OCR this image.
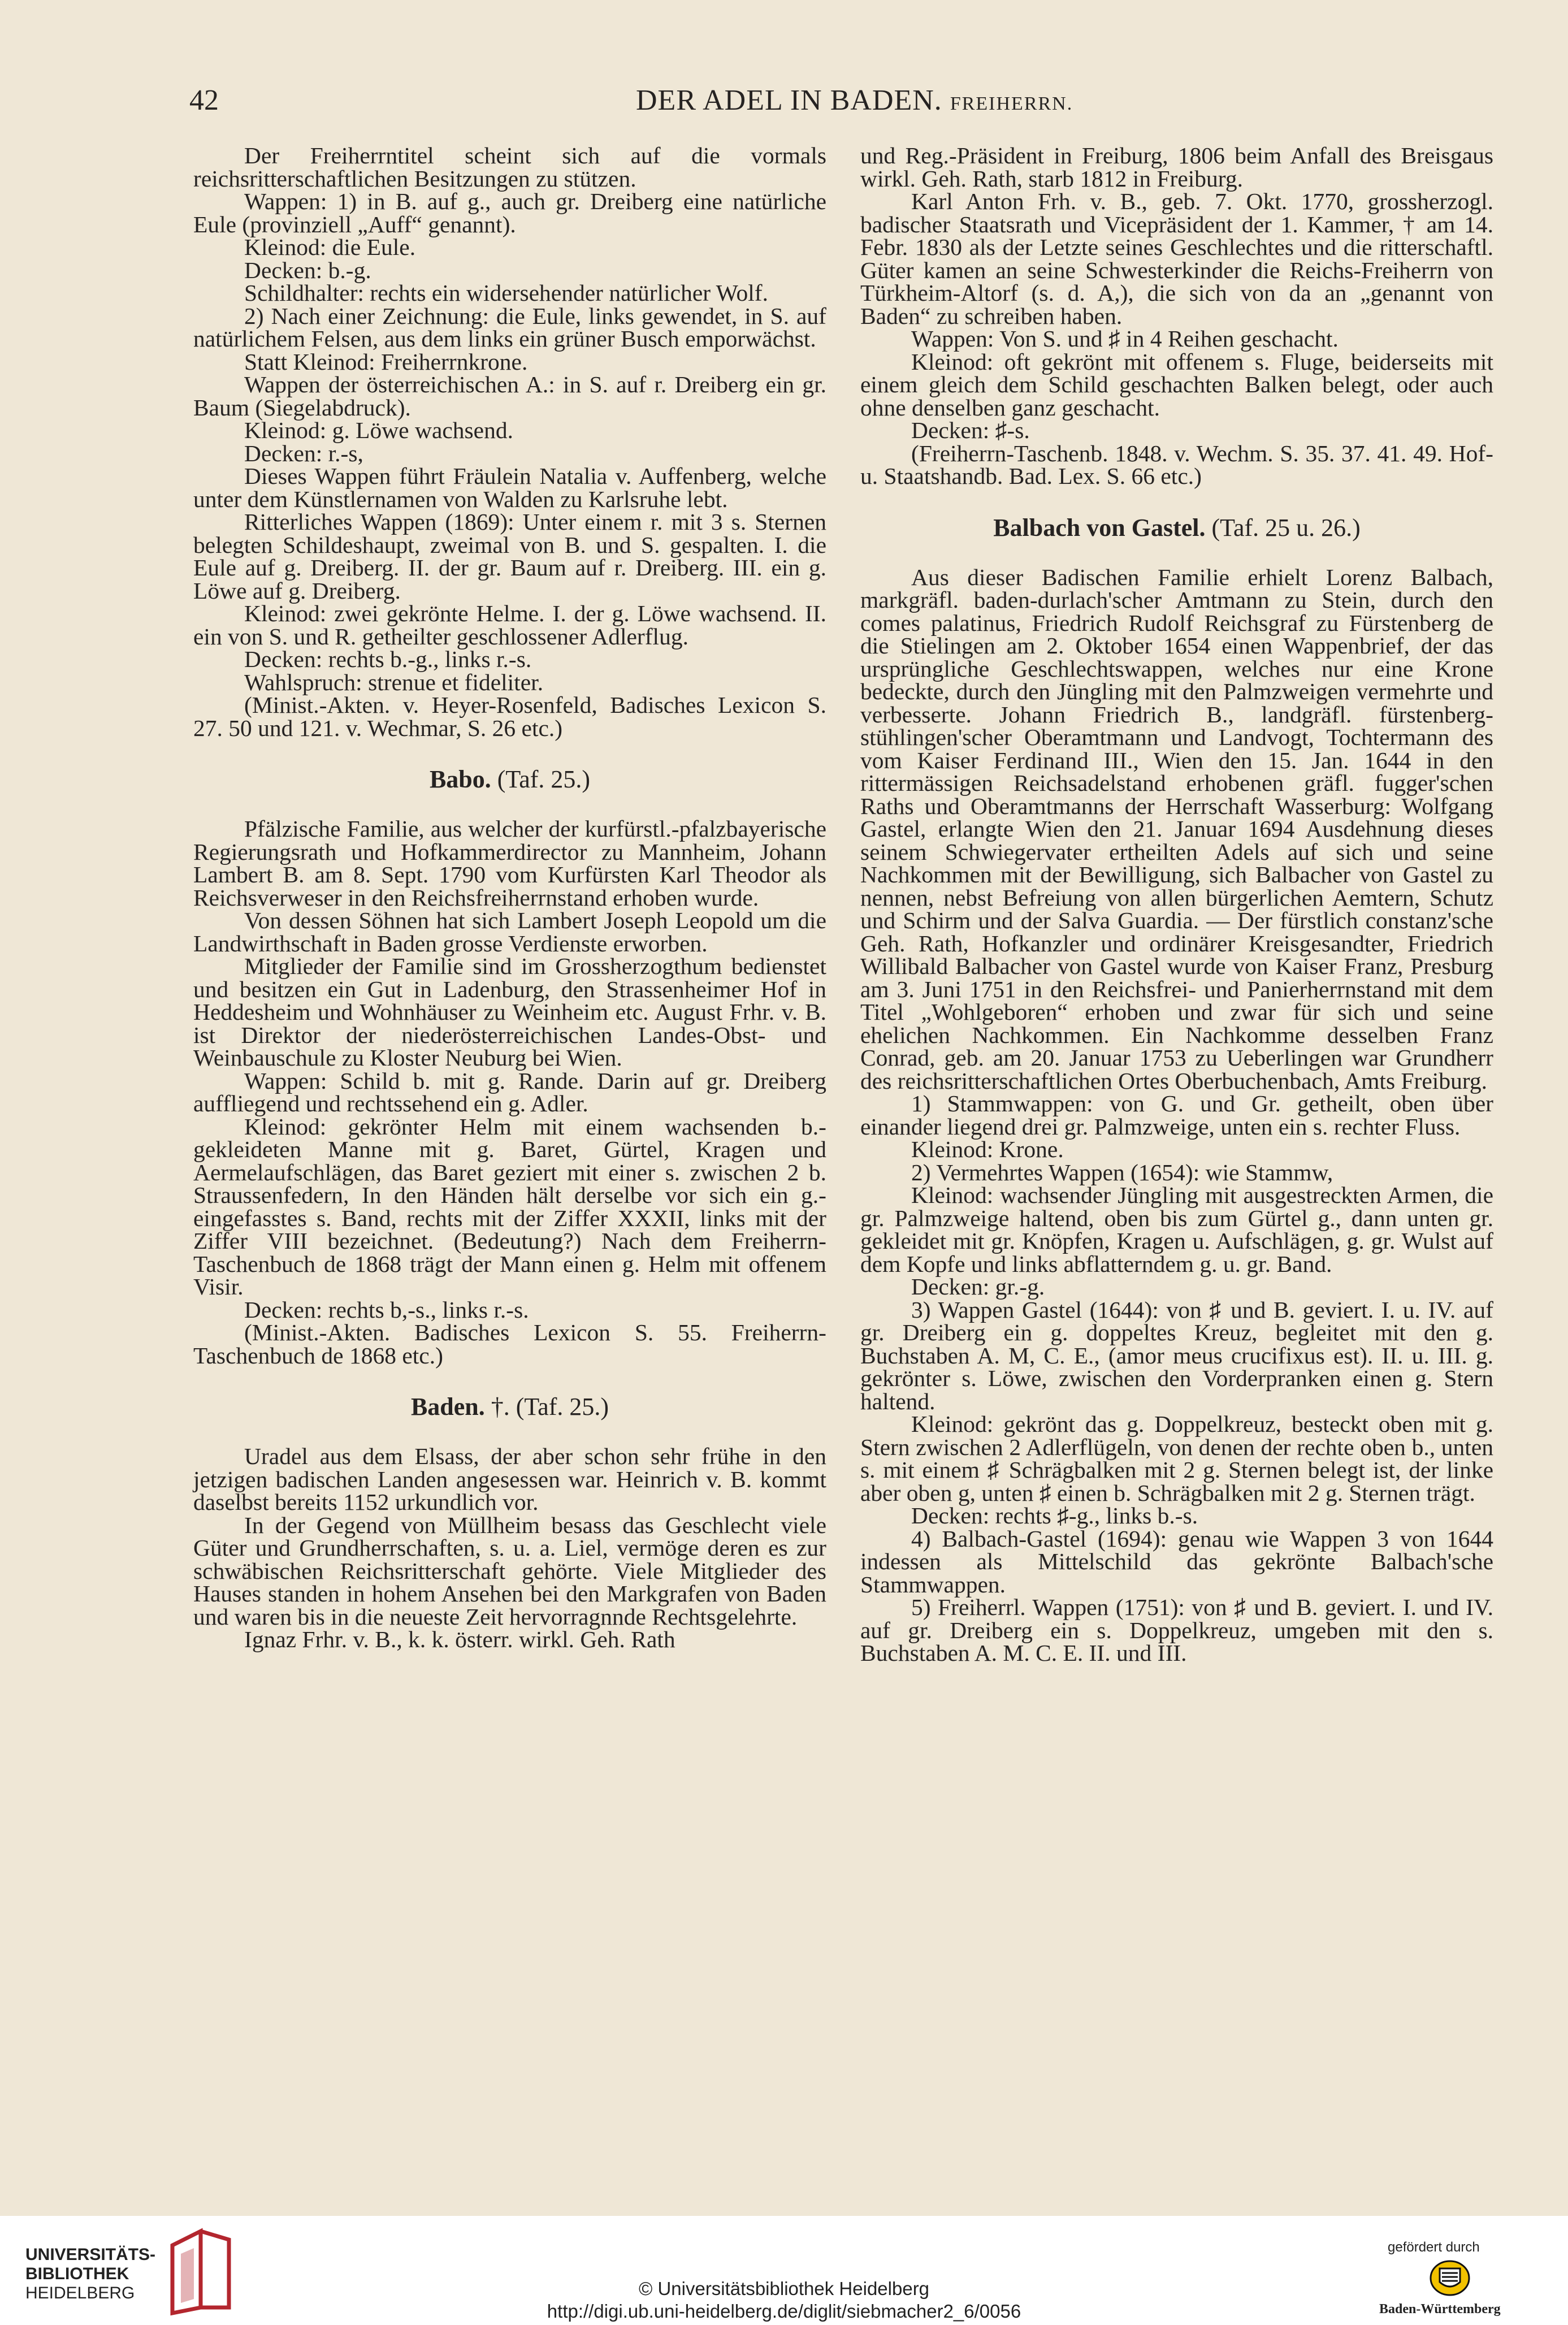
42	DER ADEL IN BADEN. FREIHERRN.

Der Freiherrntitel scheint sich auf die vormals reichsritterschaftlichen Besitzungen zu stützen.

Wappen: 1) in B. auf g., auch gr. Dreiberg eine natürliche Eule (provinziell „Auff“ genannt).

Kleinod: die Eule.

Decken: b.-g.

Schildhalter: rechts ein widersehender natürlicher Wolf.

2) Nach einer Zeichnung: die Eule, links gewendet, in S. auf natürlichem Felsen, aus dem links ein grüner Busch emporwächst.

Statt Kleinod: Freiherrnkrone.

Wappen der österreichischen A.: in S. auf r. Dreiberg ein gr. Baum (Siegelabdruck).

Kleinod: g. Löwe wachsend.

Decken: r.-s,

Dieses Wappen führt Fräulein Natalia v. Auffenberg, welche unter dem Künstlernamen von Walden zu Karlsruhe lebt.

Ritterliches Wappen (1869): Unter einem r. mit 3 s. Sternen belegten Schildeshaupt, zweimal von B. und S. gespalten. I. die Eule auf g. Dreiberg. II. der gr. Baum auf r. Dreiberg. III. ein g. Löwe auf g. Dreiberg.

Kleinod: zwei gekrönte Helme. I. der g. Löwe wachsend. II. ein von S. und R. getheilter geschlossener Adlerflug.

Decken: rechts b.-g., links r.-s.

Wahlspruch: strenue et fideliter.

(Minist.-Akten. v. Heyer-Rosenfeld, Badisches Lexicon S. 27. 50 und 121. v. Wechmar, S. 26 etc.)

Babo. (Taf. 25.)

Pfälzische Familie, aus welcher der kurfürstl.-pfalzbayerische Regierungsrath und Hofkammerdirector zu Mannheim, Johann Lambert B. am 8. Sept. 1790 vom Kurfürsten Karl Theodor als Reichsverweser in den Reichsfreiherrnstand erhoben wurde.

Von dessen Söhnen hat sich Lambert Joseph Leopold um die Landwirthschaft in Baden grosse Verdienste erworben.

Mitglieder der Familie sind im Grossherzogthum bedienstet und besitzen ein Gut in Ladenburg, den Strassenheimer Hof in Heddesheim und Wohnhäuser zu Weinheim etc. August Frhr. v. B. ist Direktor der niederösterreichischen Landes-Obst- und Weinbauschule zu Kloster Neuburg bei Wien.

Wappen: Schild b. mit g. Rande. Darin auf gr. Dreiberg auffliegend und rechtssehend ein g. Adler.

Kleinod: gekrönter Helm mit einem wachsenden b.-gekleideten Manne mit g. Baret, Gürtel, Kragen und Aermelaufschlägen, das Baret geziert mit einer s. zwischen 2 b. Straussenfedern, In den Händen hält derselbe vor sich ein g.-eingefasstes s. Band, rechts mit der Ziffer XXXII, links mit der Ziffer VIII bezeichnet. (Bedeutung?) Nach dem Freiherrn-Taschenbuch de 1868 trägt der Mann einen g. Helm mit offenem Visir.

Decken: rechts b,-s., links r.-s.

(Minist.-Akten. Badisches Lexicon S. 55. Freiherrn-Taschenbuch de 1868 etc.)

Baden. †. (Taf. 25.)

Uradel aus dem Elsass, der aber schon sehr frühe in den jetzigen badischen Landen angesessen war. Heinrich v. B. kommt daselbst bereits 1152 urkundlich vor.

In der Gegend von Müllheim besass das Geschlecht viele Güter und Grundherrschaften, s. u. a. Liel, vermöge deren es zur schwäbischen Reichsritterschaft gehörte. Viele Mitglieder des Hauses standen in hohem Ansehen bei den Markgrafen von Baden und waren bis in die neueste Zeit hervorragnnde Rechtsgelehrte.

Ignaz Frhr. v. B., k. k. österr. wirkl. Geh. Rath

und Reg.-Präsident in Freiburg, 1806 beim Anfall des Breisgaus wirkl. Geh. Rath, starb 1812 in Freiburg.

Karl Anton Frh. v. B., geb. 7. Okt. 1770, grossherzogl. badischer Staatsrath und Vicepräsident der 1. Kammer, † am 14. Febr. 1830 als der Letzte seines Geschlechtes und die ritterschaftl. Güter kamen an seine Schwesterkinder die Reichs-Freiherrn von Türkheim-Altorf (s. d. A,), die sich von da an „genannt von Baden“ zu schreiben haben.

Wappen: Von S. und ♯ in 4 Reihen geschacht.

Kleinod: oft gekrönt mit offenem s. Fluge, beiderseits mit einem gleich dem Schild geschachten Balken belegt, oder auch ohne denselben ganz geschacht.

Decken: ♯-s.

(Freiherrn-Taschenb. 1848. v. Wechm. S. 35. 37. 41. 49. Hof- u. Staatshandb. Bad. Lex. S. 66 etc.)

Balbach von Gastel. (Taf. 25 u. 26.)

Aus dieser Badischen Familie erhielt Lorenz Balbach, markgräfl. baden-durlach'scher Amtmann zu Stein, durch den comes palatinus, Friedrich Rudolf Reichsgraf zu Fürstenberg de die Stielingen am 2. Oktober 1654 einen Wappenbrief, der das ursprüngliche Geschlechtswappen, welches nur eine Krone bedeckte, durch den Jüngling mit den Palmzweigen vermehrte und verbesserte. Johann Friedrich B., landgräfl. fürstenberg-stühlingen'scher Oberamtmann und Landvogt, Tochtermann des vom Kaiser Ferdinand III., Wien den 15. Jan. 1644 in den rittermässigen Reichsadelstand erhobenen gräfl. fugger'schen Raths und Oberamtmanns der Herrschaft Wasserburg: Wolfgang Gastel, erlangte Wien den 21. Januar 1694 Ausdehnung dieses seinem Schwiegervater ertheilten Adels auf sich und seine Nachkommen mit der Bewilligung, sich Balbacher von Gastel zu nennen, nebst Befreiung von allen bürgerlichen Aemtern, Schutz und Schirm und der Salva Guardia. — Der fürstlich constanz'sche Geh. Rath, Hofkanzler und ordinärer Kreisgesandter, Friedrich Willibald Balbacher von Gastel wurde von Kaiser Franz, Presburg am 3. Juni 1751 in den Reichsfrei- und Panierherrnstand mit dem Titel „Wohlgeboren“ erhoben und zwar für sich und seine ehelichen Nachkommen. Ein Nachkomme desselben Franz Conrad, geb. am 20. Januar 1753 zu Ueberlingen war Grundherr des reichsritterschaftlichen Ortes Oberbuchenbach, Amts Freiburg.

1) Stammwappen: von G. und Gr. getheilt, oben über einander liegend drei gr. Palmzweige, unten ein s. rechter Fluss.

Kleinod: Krone.

2) Vermehrtes Wappen (1654): wie Stammw,

Kleinod: wachsender Jüngling mit ausgestreckten Armen, die gr. Palmzweige haltend, oben bis zum Gürtel g., dann unten gr. gekleidet mit gr. Knöpfen, Kragen u. Aufschlägen, g. gr. Wulst auf dem Kopfe und links abflatterndem g. u. gr. Band.

Decken: gr.-g.

3) Wappen Gastel (1644): von ♯ und B. geviert. I. u. IV. auf gr. Dreiberg ein g. doppeltes Kreuz, begleitet mit den g. Buchstaben A. M, C. E., (amor meus crucifixus est). II. u. III. g. gekrönter s. Löwe, zwischen den Vorderpranken einen g. Stern haltend.

Kleinod: gekrönt das g. Doppelkreuz, besteckt oben mit g. Stern zwischen 2 Adlerflügeln, von denen der rechte oben b., unten s. mit einem ♯ Schrägbalken mit 2 g. Sternen belegt ist, der linke aber oben g, unten ♯ einen b. Schrägbalken mit 2 g. Sternen trägt.

Decken: rechts ♯-g., links b.-s.

4) Balbach-Gastel (1694): genau wie Wappen 3 von 1644 indessen als Mittelschild das gekrönte Balbach'sche Stammwappen.

5) Freiherrl. Wappen (1751): von ♯ und B. geviert. I. und IV. auf gr. Dreiberg ein s. Doppelkreuz, umgeben mit den s. Buchstaben A. M. C. E. II. und III.

UNIVERSITÄTS-
BIBLIOTHEK
HEIDELBERG	© Universitätsbibliothek Heidelberg
http://digi.ub.uni-heidelberg.de/diglit/siebmacher2_6/0056
gefördert durch
Baden-Württemberg
